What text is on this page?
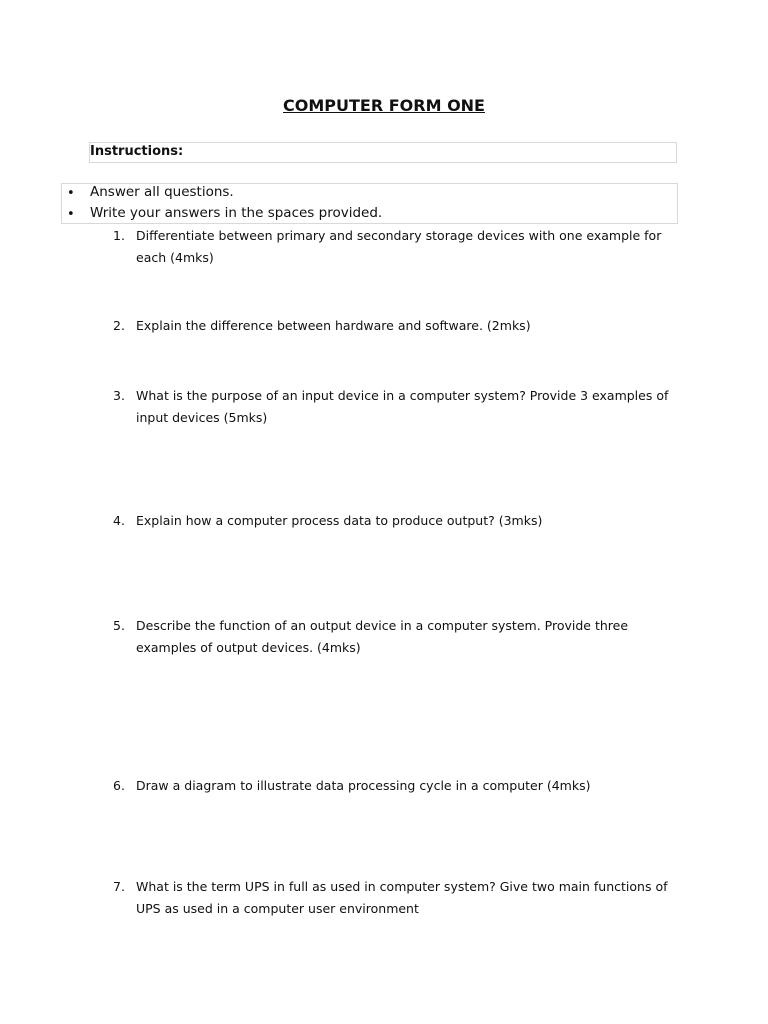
COMPUTER FORM ONE
Instructions:
• Answer all questions.
• Write your answers in the spaces provided.
1. Differentiate between primary and secondary storage devices with one example for each (4mks)
2. Explain the difference between hardware and software. (2mks)
3. What is the purpose of an input device in a computer system? Provide 3 examples of input devices (5mks)
4. Explain how a computer process data to produce output? (3mks)
5. Describe the function of an output device in a computer system. Provide three examples of output devices. (4mks)
6. Draw a diagram to illustrate data processing cycle in a computer (4mks)
7. What is the term UPS in full as used in computer system? Give two main functions of UPS as used in a computer user environment
